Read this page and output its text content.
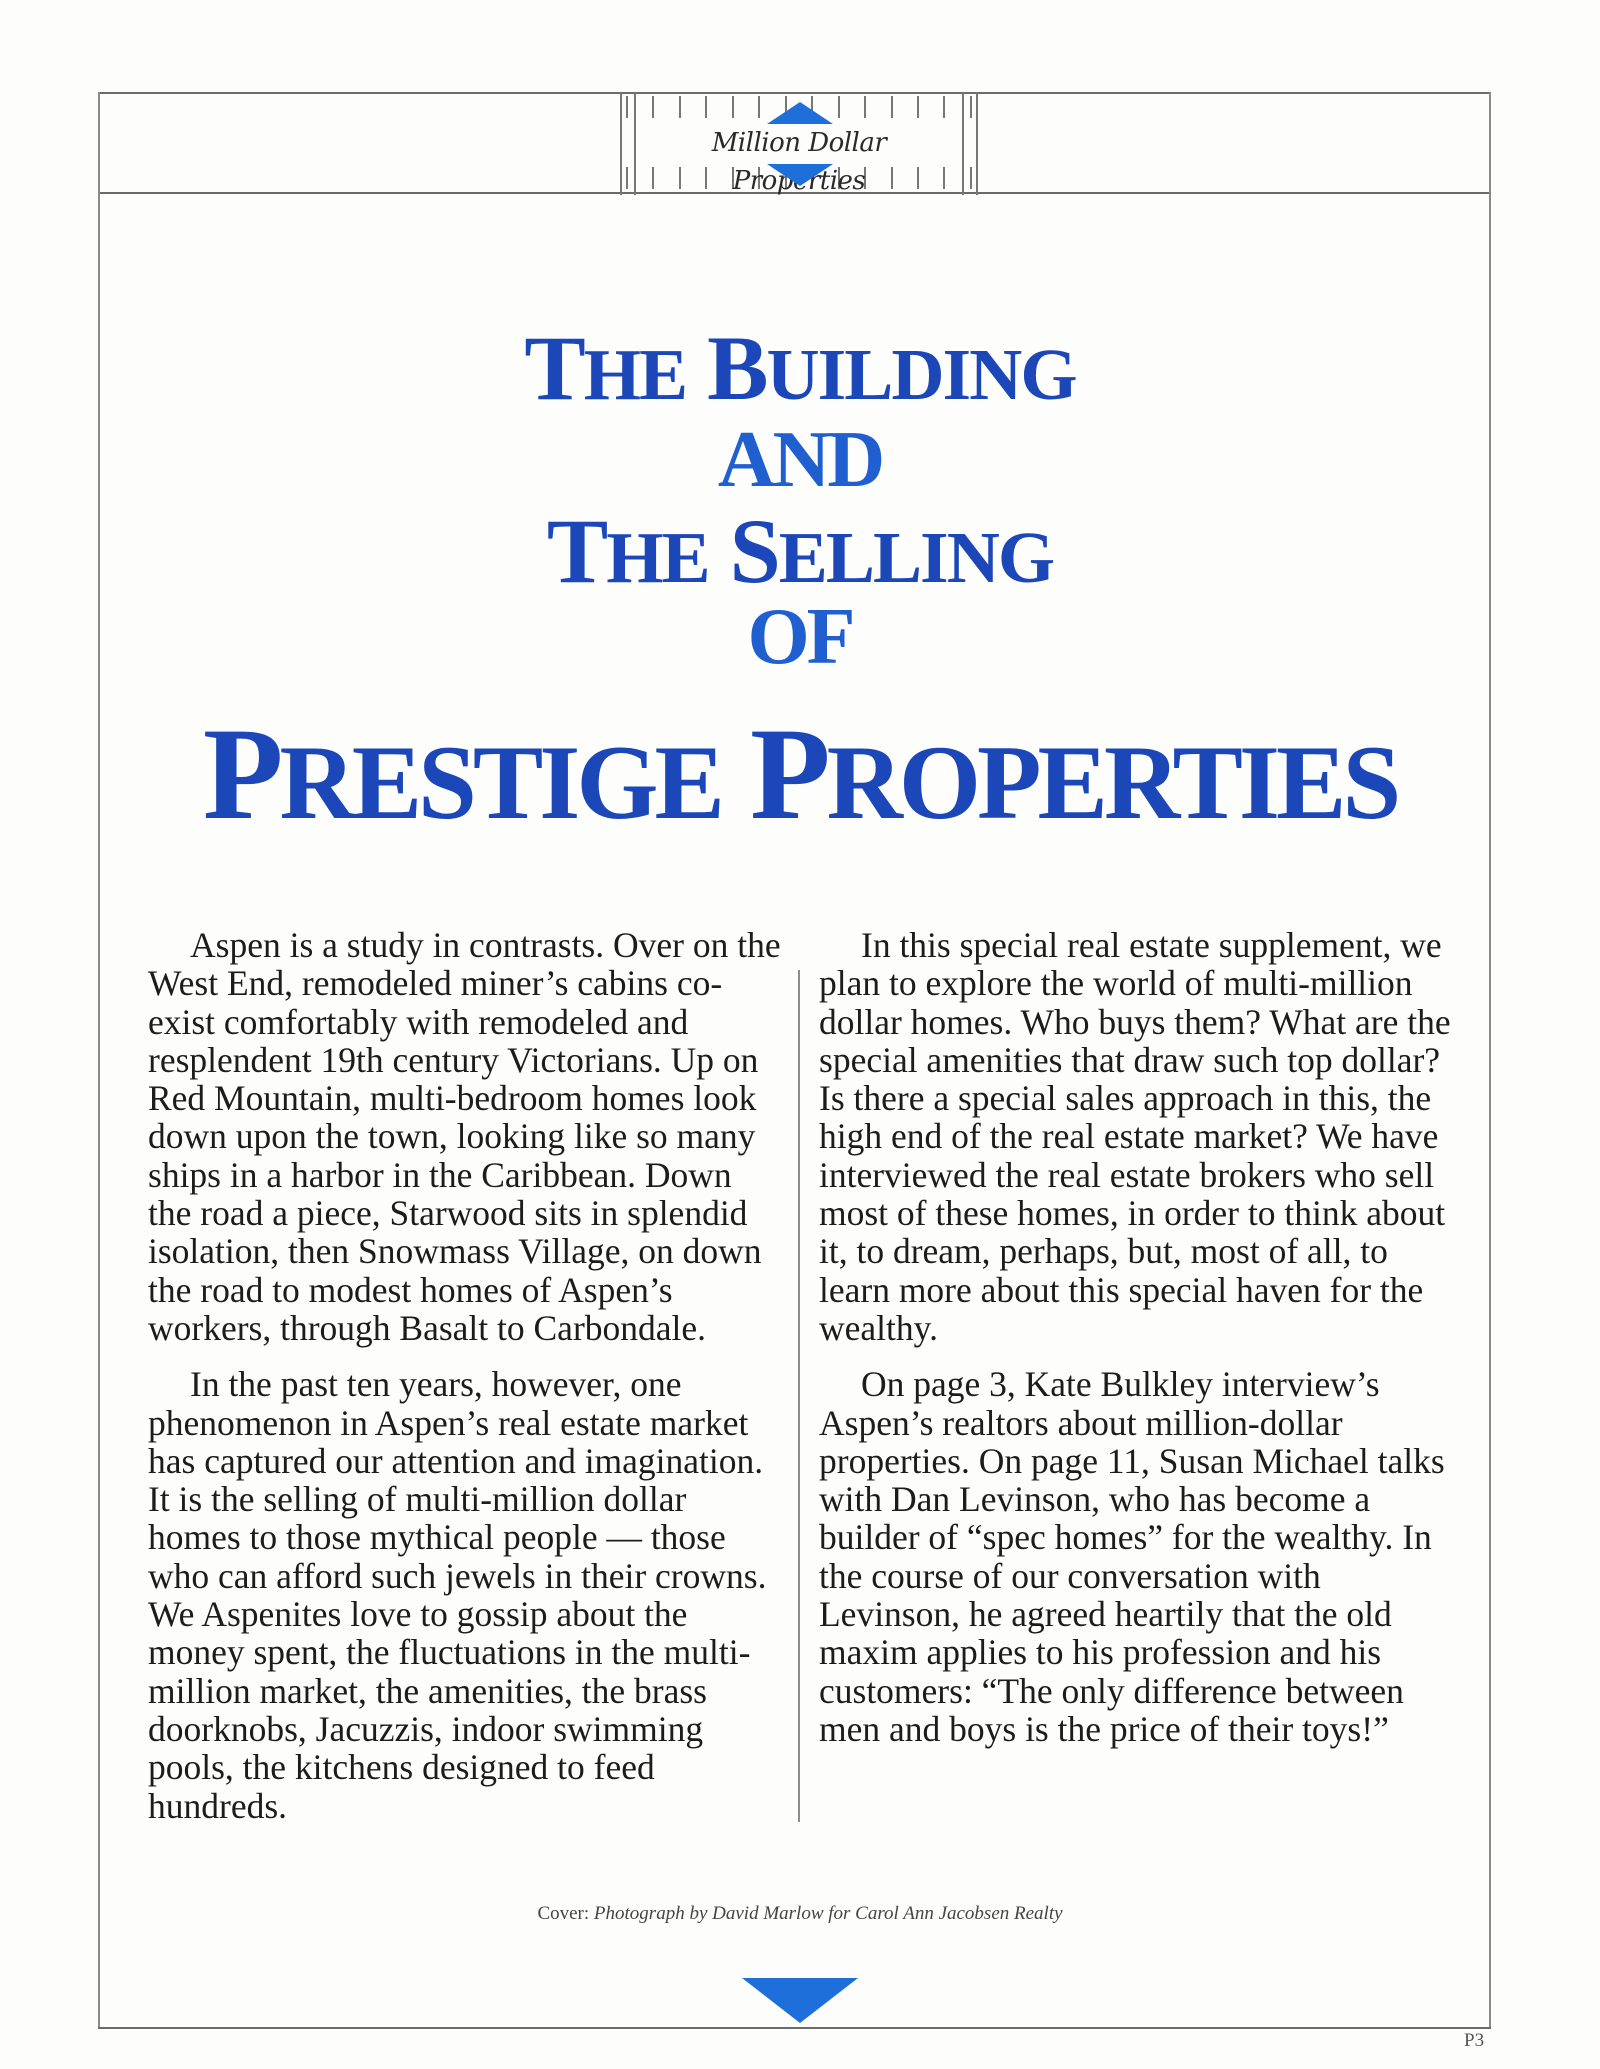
Million Dollar Properties
THE BUILDING
AND
THE SELLING
OF
PRESTIGE PROPERTIES

Aspen is a study in contrasts. Over on the West End, remodeled miner’s cabins co-exist comfortably with remodeled and resplendent 19th century Victorians. Up on Red Mountain, multi-bedroom homes look down upon the town, looking like so many ships in a harbor in the Caribbean. Down the road a piece, Starwood sits in splendid isolation, then Snowmass Village, on down the road to modest homes of Aspen’s workers, through Basalt to Carbondale.

In the past ten years, however, one phenomenon in Aspen’s real estate market has captured our attention and imagination. It is the selling of multi-million dollar homes to those mythical people — those who can afford such jewels in their crowns. We Aspenites love to gossip about the money spent, the fluctuations in the multi-million market, the amenities, the brass doorknobs, Jacuzzis, indoor swimming pools, the kitchens designed to feed hundreds.

In this special real estate supplement, we plan to explore the world of multi-million dollar homes. Who buys them? What are the special amenities that draw such top dollar? Is there a special sales approach in this, the high end of the real estate market? We have interviewed the real estate brokers who sell most of these homes, in order to think about it, to dream, perhaps, but, most of all, to learn more about this special haven for the wealthy.

On page 3, Kate Bulkley interview’s Aspen’s realtors about million-dollar properties. On page 11, Susan Michael talks with Dan Levinson, who has become a builder of “spec homes” for the wealthy. In the course of our conversation with Levinson, he agreed heartily that the old maxim applies to his profession and his customers: “The only difference between men and boys is the price of their toys!”

Cover: Photograph by David Marlow for Carol Ann Jacobsen Realty
P3
